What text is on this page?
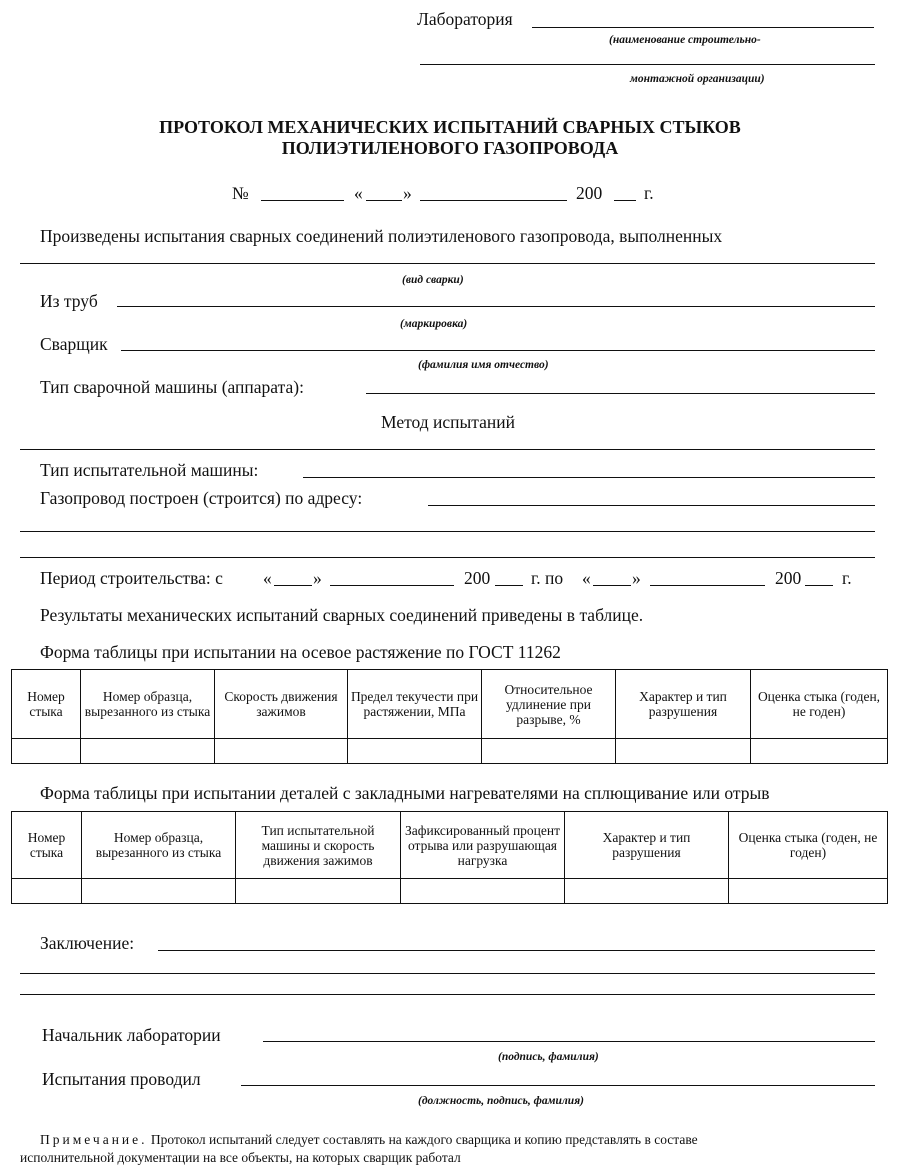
Лаборатория
(наименование строительно-
монтажной организации)
ПРОТОКОЛ МЕХАНИЧЕСКИХ ИСПЫТАНИЙ СВАРНЫХ СТЫКОВ
ПОЛИЭТИЛЕНОВОГО ГАЗОПРОВОДА
№	« »	200 г.
Произведены испытания сварных соединений полиэтиленового газопровода, выполненных
(вид сварки)
Из труб
(маркировка)
Сварщик
(фамилия имя отчество)
Тип сварочной машины (аппарата):
Метод испытаний
Тип испытательной машины:
Газопровод построен (строится) по адресу:
Период строительства: с « »	200 г. по « »	200 г.
Результаты механических испытаний сварных соединений приведены в таблице.
Форма таблицы при испытании на осевое растяжение по ГОСТ 11262
Номер стыка	Номер образца, вырезанного из стыка	Скорость движения зажимов	Предел текучести при растяжении, МПа	Относительное удлинение при разрыве, %	Характер и тип разрушения	Оценка стыка (годен, не годен)

Форма таблицы при испытании деталей с закладными нагревателями на сплющивание или отрыв
Номер стыка	Номер образца, вырезанного из стыка	Тип испытательной машины и скорость движения зажимов	Зафиксированный процент отрыва или разрушающая нагрузка	Характер и тип разрушения	Оценка стыка (годен, не годен)

Заключение:
Начальник лаборатории
(подпись, фамилия)
Испытания проводил
(должность, подпись, фамилия)
Примечание. Протокол испытаний следует составлять на каждого сварщика и копию представлять в составе
исполнительной документации на все объекты, на которых сварщик работал
